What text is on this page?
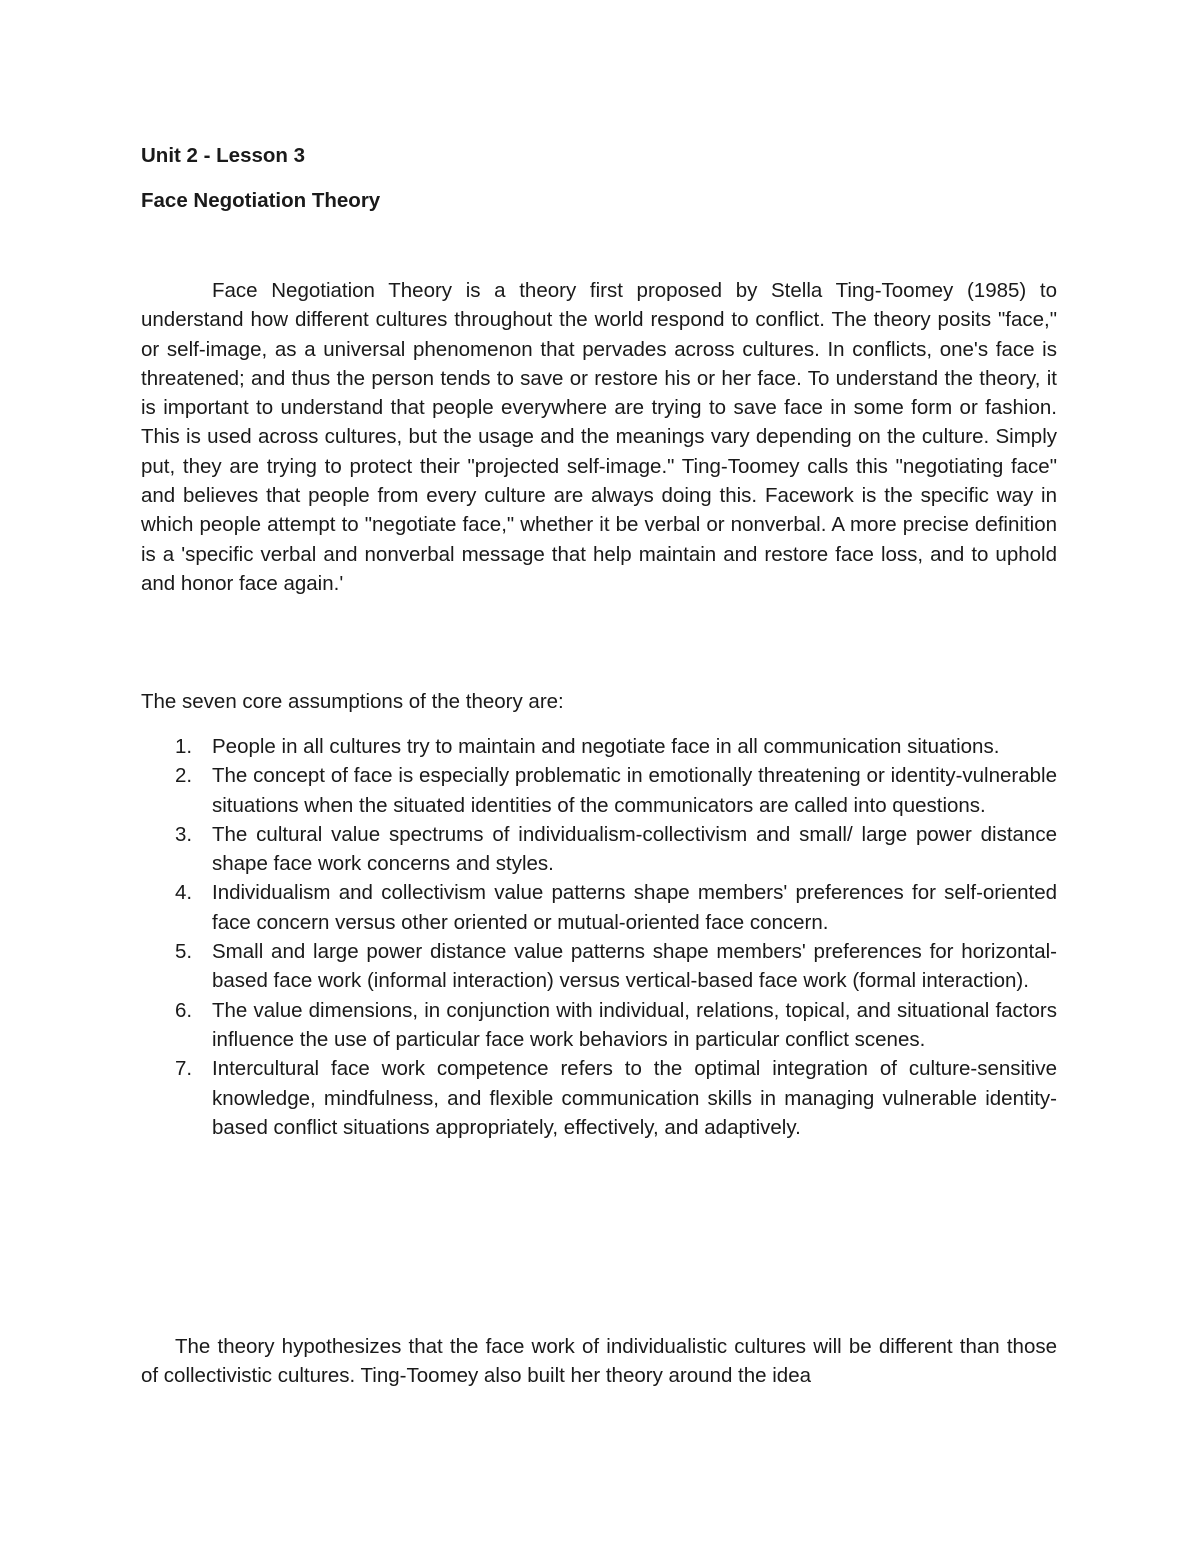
Unit 2 - Lesson 3
Face Negotiation Theory

Face Negotiation Theory is a theory first proposed by Stella Ting-Toomey (1985) to understand how different cultures throughout the world respond to conflict. The theory posits "face," or self-image, as a universal phenomenon that pervades across cultures. In conflicts, one's face is threatened; and thus the person tends to save or restore his or her face. To understand the theory, it is important to understand that people everywhere are trying to save face in some form or fashion. This is used across cultures, but the usage and the meanings vary depending on the culture. Simply put, they are trying to protect their "projected self-image." Ting-Toomey calls this "negotiating face" and believes that people from every culture are always doing this. Facework is the specific way in which people attempt to "negotiate face," whether it be verbal or nonverbal. A more precise definition is a 'specific verbal and nonverbal message that help maintain and restore face loss, and to uphold and honor face again.'

The seven core assumptions of the theory are:

1. People in all cultures try to maintain and negotiate face in all communication situations.
2. The concept of face is especially problematic in emotionally threatening or identity-vulnerable situations when the situated identities of the communicators are called into questions.
3. The cultural value spectrums of individualism-collectivism and small/ large power distance shape face work concerns and styles.
4. Individualism and collectivism value patterns shape members' preferences for self-oriented face concern versus other oriented or mutual-oriented face concern.
5. Small and large power distance value patterns shape members' preferences for horizontal-based face work (informal interaction) versus vertical-based face work (formal interaction).
6. The value dimensions, in conjunction with individual, relations, topical, and situational factors influence the use of particular face work behaviors in particular conflict scenes.
7. Intercultural face work competence refers to the optimal integration of culture-sensitive knowledge, mindfulness, and flexible communication skills in managing vulnerable identity-based conflict situations appropriately, effectively, and adaptively.

The theory hypothesizes that the face work of individualistic cultures will be different than those of collectivistic cultures. Ting-Toomey also built her theory around the idea
